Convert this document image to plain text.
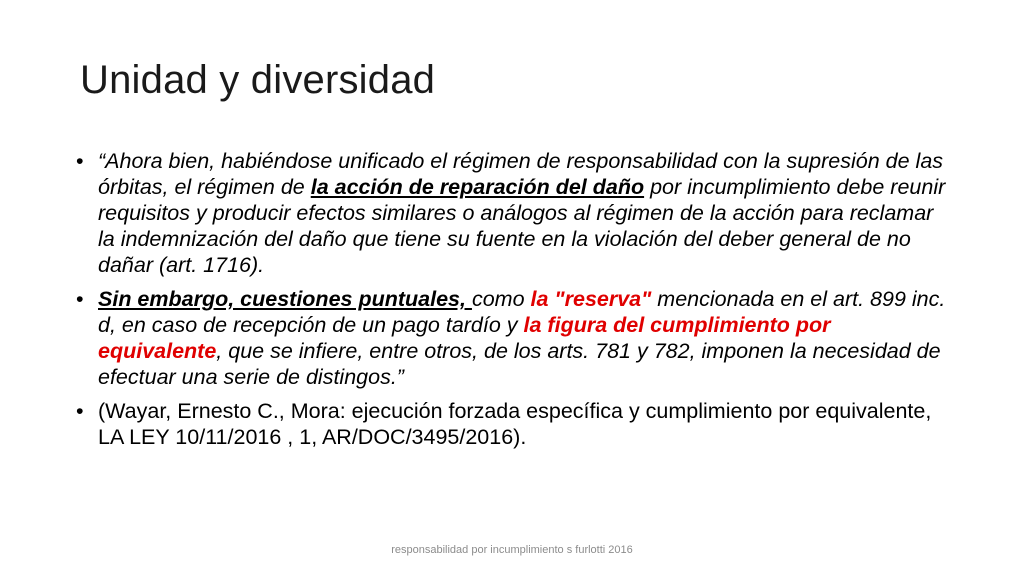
Unidad y diversidad
• “Ahora bien, habiéndose unificado el régimen de responsabilidad con la supresión de las órbitas, el régimen de la acción de reparación del daño por incumplimiento debe reunir requisitos y producir efectos similares o análogos al régimen de la acción para reclamar la indemnización del daño que tiene su fuente en la violación del deber general de no dañar (art. 1716).
• Sin embargo, cuestiones puntuales, como la "reserva" mencionada en el art. 899 inc. d, en caso de recepción de un pago tardío y la figura del cumplimiento por equivalente, que se infiere, entre otros, de los arts. 781 y 782, imponen la necesidad de efectuar una serie de distingos.”
• (Wayar, Ernesto C., Mora: ejecución forzada específica y cumplimiento por equivalente, LA LEY 10/11/2016 , 1, AR/DOC/3495/2016).
responsabilidad por incumplimiento s furlotti 2016
